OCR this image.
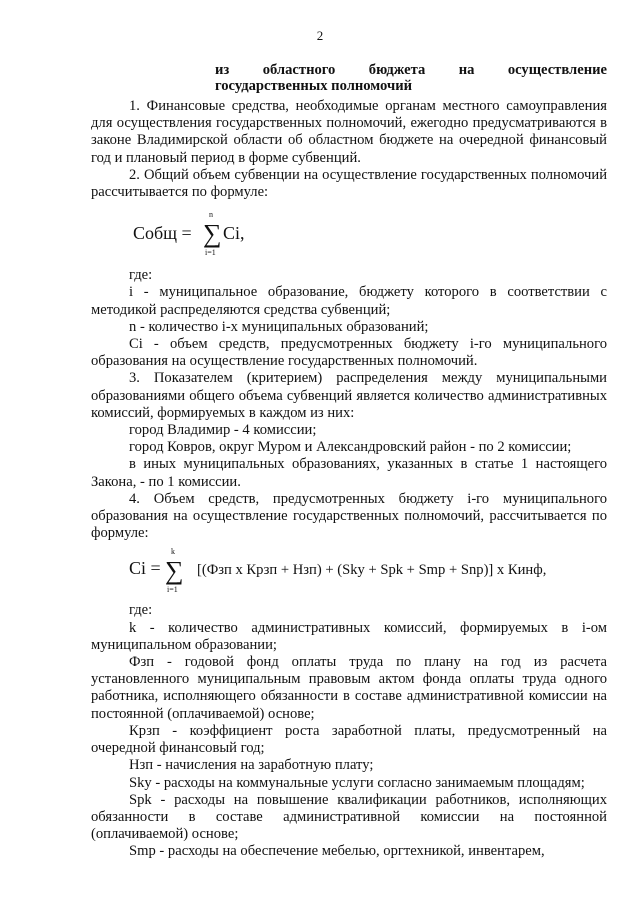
2

из областного бюджета на осуществление

государственных полномочий

1. Финансовые средства, необходимые органам местного самоуправления для осуществления государственных полномочий, ежегодно предусматриваются в законе Владимирской области об областном бюджете на очередной финансовый год и плановый период в форме субвенций.

2. Общий объем субвенции на осуществление государственных полномочий рассчитывается по формуле:

Собщ = ∑
n
i=1
Ci,

где:

i - муниципальное образование, бюджету которого в соответствии с методикой распределяются средства субвенций;

n - количество i-х муниципальных образований;

Ci - объем средств, предусмотренных бюджету i-го муниципального образования на осуществление государственных полномочий.

3. Показателем (критерием) распределения между муниципальными образованиями общего объема субвенций является количество административных комиссий, формируемых в каждом из них:

город Владимир - 4 комиссии;

город Ковров, округ Муром и Александровский район - по 2 комиссии;

в иных муниципальных образованиях, указанных в статье 1 настоящего Закона, - по 1 комиссии.

4. Объем средств, предусмотренных бюджету i-го муниципального образования на осуществление государственных полномочий, рассчитывается по формуле:

Ci = ∑
k
i=1
[(Фзп х Крзп + Нзп) + (Sky + Spk + Smp + Snp)] х Кинф,

где:

k - количество административных комиссий, формируемых в i-ом муниципальном образовании;

Фзп - годовой фонд оплаты труда по плану на год из расчета установленного муниципальным правовым актом фонда оплаты труда одного работника, исполняющего обязанности в составе административной комиссии на постоянной (оплачиваемой) основе;

Крзп - коэффициент роста заработной платы, предусмотренный на очередной финансовый год;

Нзп - начисления на заработную плату;

Sky - расходы на коммунальные услуги согласно занимаемым площадям;

Spk - расходы на повышение квалификации работников, исполняющих обязанности в составе административной комиссии на постоянной (оплачиваемой) основе;

Smp - расходы на обеспечение мебелью, оргтехникой, инвентарем,
